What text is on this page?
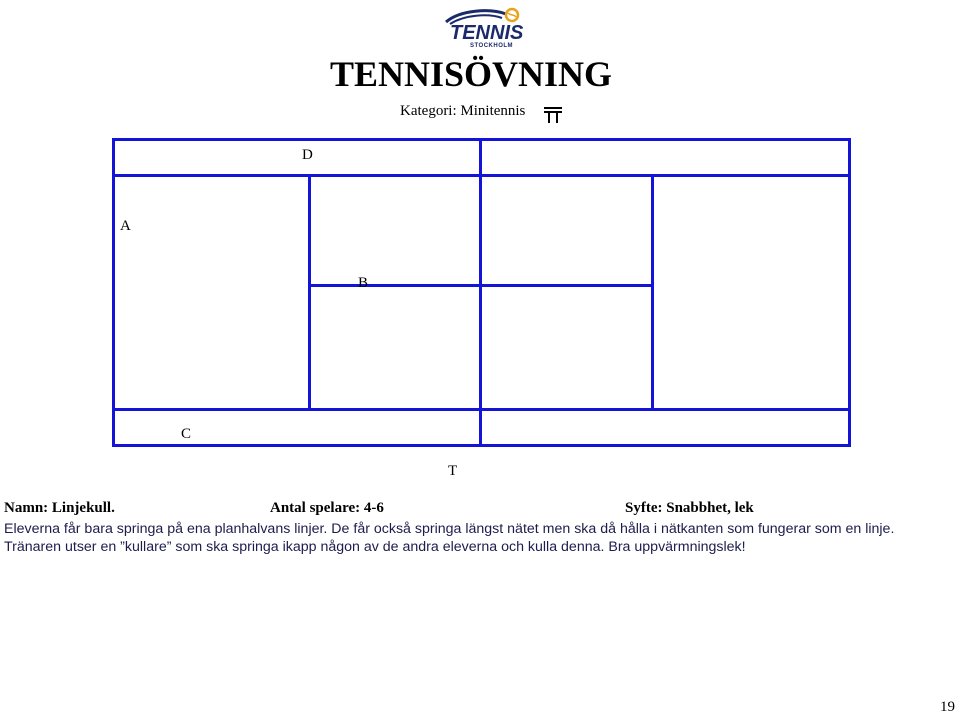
TENNIS
STOCKHOLM
TENNISÖVNING
Kategori: Minitennis
D
A
B
C
T
Namn: Linjekull.	Antal spelare: 4-6	Syfte: Snabbhet, lek
Eleverna får bara springa på ena planhalvans linjer. De får också springa längst nätet men ska då hålla i nätkanten som fungerar som en linje.
Tränaren utser en ”kullare” som ska springa ikapp någon av de andra eleverna och kulla denna. Bra uppvärmningslek!
19
